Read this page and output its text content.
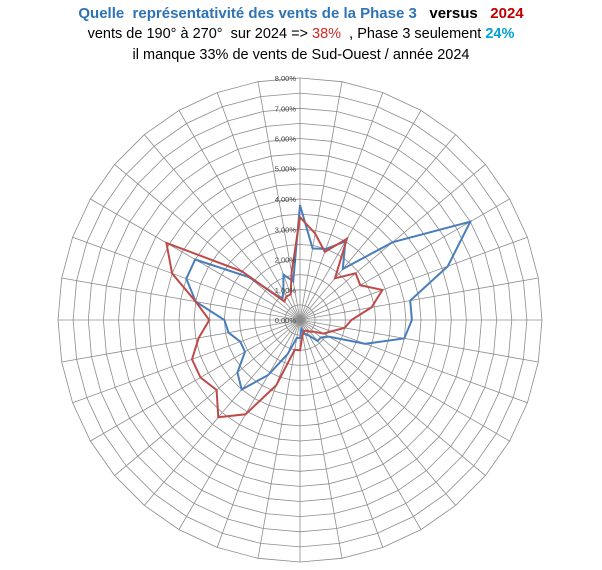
Quelle  représentativité des vents de la Phase 3 versus 2024
vents de 190° à 270°  sur 2024 => 38%  , Phase 3 seulement 24%
il manque 33% de vents de Sud-Ouest / année 2024
0,00%
1,00%
2,00%
3,00%
4,00%
5,00%
6,00%
7,00%
8,00%
